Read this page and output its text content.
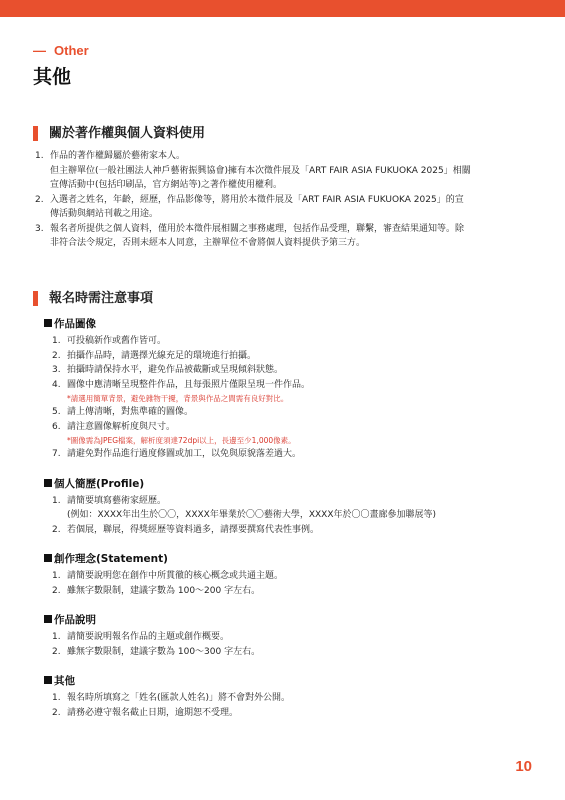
— Other
其他
關於著作權與個人資料使用
1. 作品的著作權歸屬於藝術家本人。
但主辦單位(一般社團法人神戶藝術振興協會)擁有本次徵件展及「ART FAIR ASIA FUKUOKA 2025」相關
宣傳活動中(包括印刷品，官方網站等)之著作權使用權利。
2. 入選者之姓名，年齡，經歷，作品影像等，將用於本徵件展及「ART FAIR ASIA FUKUOKA 2025」的宣
傳活動與網站刊載之用途。
3. 報名者所提供之個人資料，僅用於本徵件展相關之事務處理，包括作品受理，聯繫，審查結果通知等。除
非符合法令規定，否則未經本人同意，主辦單位不會將個人資料提供予第三方。
報名時需注意事項
作品圖像
1. 可投稿新作或舊作皆可。
2. 拍攝作品時，請選擇光線充足的環境進行拍攝。
3. 拍攝時請保持水平，避免作品被截斷或呈現傾斜狀態。
4. 圖像中應清晰呈現整件作品，且每張照片僅限呈現一件作品。
*請選用簡單背景，避免雜物干擾，背景與作品之間需有良好對比。
5. 請上傳清晰，對焦準確的圖像。
6. 請注意圖像解析度與尺寸。
*圖像需為JPEG檔案，解析度須達72dpi以上，長邊至少1,000像素。
7. 請避免對作品進行過度修圖或加工，以免與原貌落差過大。
個人簡歷(Profile)
1. 請簡要填寫藝術家經歷。
(例如：XXXX年出生於〇〇，XXXX年畢業於〇〇藝術大學，XXXX年於〇〇畫廊參加聯展等)
2. 若個展，聯展，得獎經歷等資料過多，請擇要撰寫代表性事例。
創作理念(Statement)
1. 請簡要說明您在創作中所貫徹的核心概念或共通主題。
2. 雖無字數限制，建議字數為 100～200 字左右。
作品說明
1. 請簡要說明報名作品的主題或創作概要。
2. 雖無字數限制，建議字數為 100～300 字左右。
其他
1. 報名時所填寫之「姓名(匯款人姓名)」將不會對外公開。
2. 請務必遵守報名截止日期，逾期恕不受理。
10
